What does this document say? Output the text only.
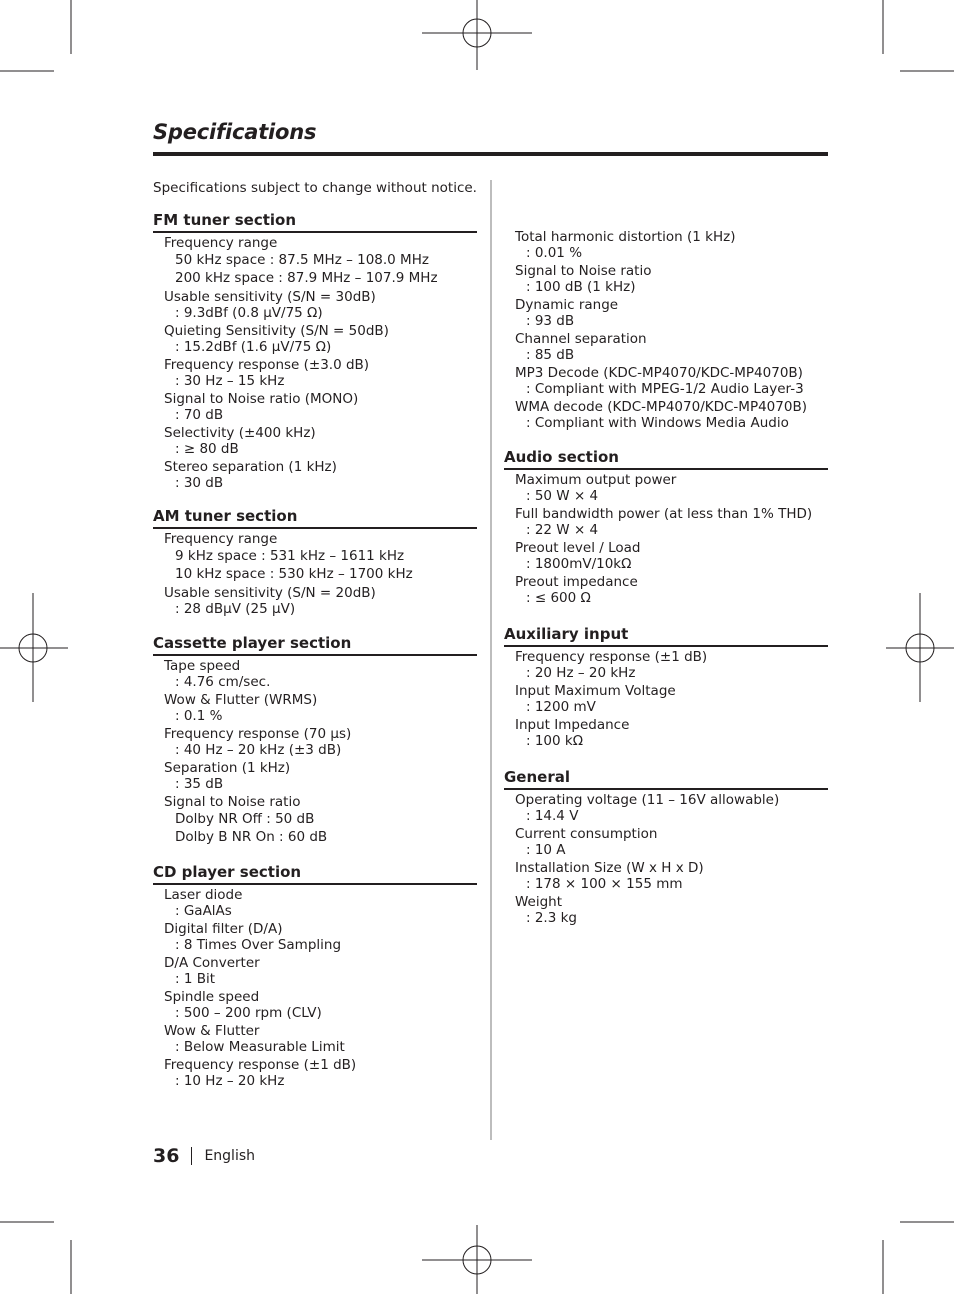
Specifications
Specifications subject to change without notice.
FM tuner section
Frequency range
50 kHz space : 87.5 MHz – 108.0 MHz
200 kHz space : 87.9 MHz – 107.9 MHz
Usable sensitivity (S/N = 30dB)
: 9.3dBf (0.8 μV/75 Ω)
Quieting Sensitivity (S/N = 50dB)
: 15.2dBf (1.6 μV/75 Ω)
Frequency response (±3.0 dB)
: 30 Hz – 15 kHz
Signal to Noise ratio (MONO)
: 70 dB
Selectivity (±400 kHz)
: ≥ 80 dB
Stereo separation (1 kHz)
: 30 dB
AM tuner section
Frequency range
9 kHz space : 531 kHz – 1611 kHz
10 kHz space : 530 kHz – 1700 kHz
Usable sensitivity (S/N = 20dB)
: 28 dBμV (25 μV)
Cassette player section
Tape speed
: 4.76 cm/sec.
Wow & Flutter (WRMS)
: 0.1 %
Frequency response (70 μs)
: 40 Hz – 20 kHz (±3 dB)
Separation (1 kHz)
: 35 dB
Signal to Noise ratio
Dolby NR Off : 50 dB
Dolby B NR On : 60 dB
CD player section
Laser diode
: GaAlAs
Digital filter (D/A)
: 8 Times Over Sampling
D/A Converter
: 1 Bit
Spindle speed
: 500 – 200 rpm (CLV)
Wow & Flutter
: Below Measurable Limit
Frequency response (±1 dB)
: 10 Hz – 20 kHz
Total harmonic distortion (1 kHz)
: 0.01 %
Signal to Noise ratio
: 100 dB (1 kHz)
Dynamic range
: 93 dB
Channel separation
: 85 dB
MP3 Decode (KDC-MP4070/KDC-MP4070B)
: Compliant with MPEG-1/2 Audio Layer-3
WMA decode (KDC-MP4070/KDC-MP4070B)
: Compliant with Windows Media Audio
Audio section
Maximum output power
: 50 W × 4
Full bandwidth power (at less than 1% THD)
: 22 W × 4
Preout level / Load
: 1800mV/10kΩ
Preout impedance
: ≤ 600 Ω
Auxiliary input
Frequency response (±1 dB)
: 20 Hz – 20 kHz
Input Maximum Voltage
: 1200 mV
Input Impedance
: 100 kΩ
General
Operating voltage (11 – 16V allowable)
: 14.4 V
Current consumption
: 10 A
Installation Size (W x H x D)
: 178 × 100 × 155 mm
Weight
: 2.3 kg
36 English
